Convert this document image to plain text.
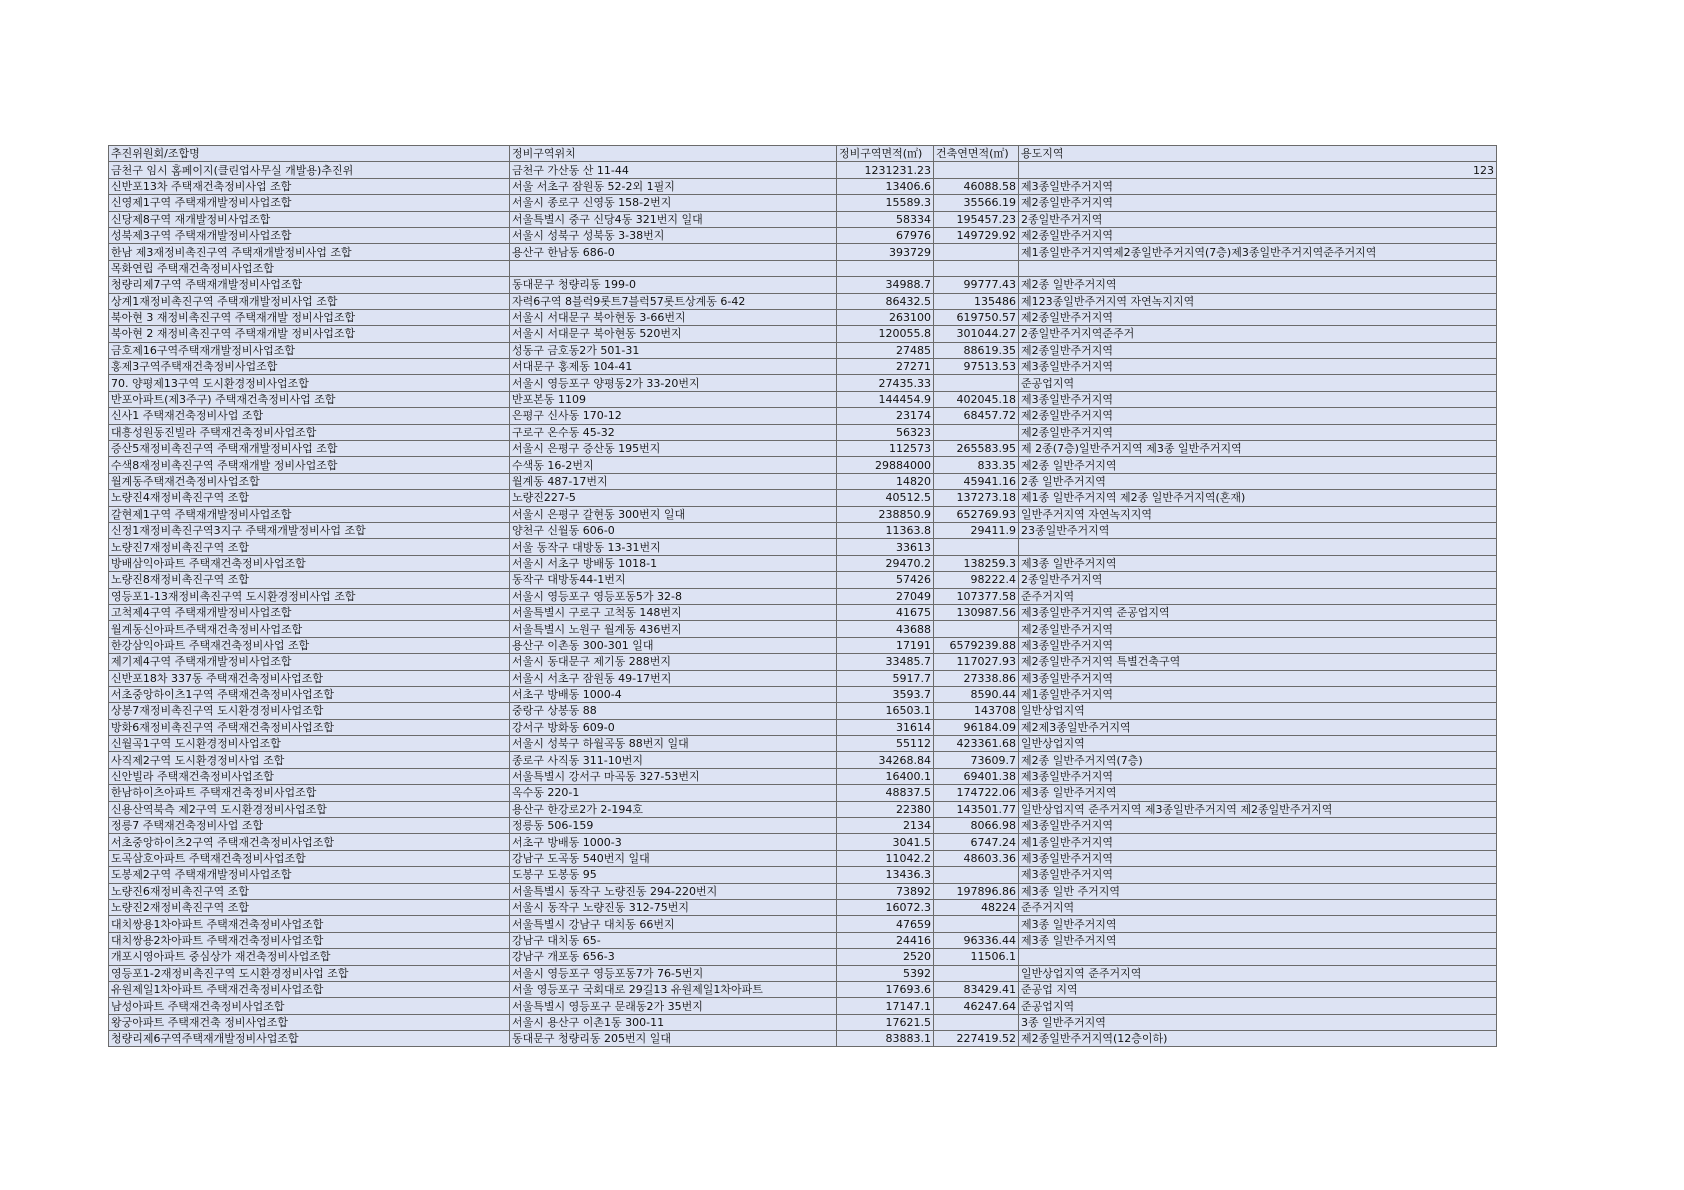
추진위원회/조합명	정비구역위치	정비구역면적(㎡)	건축연면적(㎡)	용도지역
금천구 임시 홈페이지(클린업사무실 개발용)추진위	금천구 가산동 산 11-44	1231231.23		123
신반포13차 주택재건축정비사업 조합	서울 서초구 잠원동 52-2외 1필지	13406.6	46088.58	제3종일반주거지역
신영제1구역 주택재개발정비사업조합	서울시 종로구 신영동 158-2번지	15589.3	35566.19	제2종일반주거지역
신당제8구역 재개발정비사업조합	서울특별시 중구 신당4동 321번지 일대	58334	195457.23	2종일반주거지역
성북제3구역 주택재개발정비사업조합	서울시 성북구 성북동 3-38번지	67976	149729.92	제2종일반주거지역
한남 제3재정비촉진구역 주택재개발정비사업 조합	용산구 한남동 686-0	393729		제1종일반주거지역제2종일반주거지역(7층)제3종일반주거지역준주거지역
목화연립 주택재건축정비사업조합				
청량리제7구역 주택재개발정비사업조합	동대문구 청량리동 199-0	34988.7	99777.43	제2종 일반주거지역
상계1재정비촉진구역 주택재개발정비사업 조합	자력6구역 8블럭9롯트7블럭57롯트상계동 6-42	86432.5	135486	제123종일반주거지역 자연녹지지역
북아현 3 재정비촉진구역 주택재개발 정비사업조합	서울시 서대문구 북아현동 3-66번지	263100	619750.57	제2종일반주거지역
북아현 2 재정비촉진구역 주택재개발 정비사업조합	서울시 서대문구 북아현동 520번지	120055.8	301044.27	2종일반주거지역준주거
금호제16구역주택재개발정비사업조합	성동구 금호동2가 501-31	27485	88619.35	제2종일반주거지역
홍제3구역주택재건축정비사업조합	서대문구 홍제동 104-41	27271	97513.53	제3종일반주거지역
70. 양평제13구역 도시환경정비사업조합	서울시 영등포구 양평동2가 33-20번지	27435.33		준공업지역
반포아파트(제3주구) 주택재건축정비사업 조합	반포본동 1109	144454.9	402045.18	제3종일반주거지역
신사1 주택재건축정비사업 조합	은평구 신사동 170-12	23174	68457.72	제2종일반주거지역
대흥성원동진빌라 주택재건축정비사업조합	구로구 온수동 45-32	56323		제2종일반주거지역
증산5재정비촉진구역 주택재개발정비사업 조합	서울시 은평구 증산동 195번지	112573	265583.95	제 2종(7층)일반주거지역 제3종 일반주거지역
수색8재정비촉진구역 주택재개발 정비사업조합	수색동 16-2번지	29884000	833.35	제2종 일반주거지역
월계동주택재건축정비사업조합	월계동 487-17번지	14820	45941.16	2종 일반주거지역
노량진4재정비촉진구역 조합	노량진227-5	40512.5	137273.18	제1종 일반주거지역 제2종 일반주거지역(혼재)
갈현제1구역 주택재개발정비사업조합	서울시 은평구 갈현동 300번지 일대	238850.9	652769.93	일반주거지역 자연녹지지역
신정1재정비촉진구역3지구 주택재개발정비사업 조합	양천구 신월동 606-0	11363.8	29411.9	23종일반주거지역
노량진7재정비촉진구역 조합	서울 동작구 대방동 13-31번지	33613		
방배삼익아파트 주택재건축정비사업조합	서울시 서초구 방배동 1018-1	29470.2	138259.3	제3종 일반주거지역
노량진8재정비촉진구역 조합	동작구 대방동44-1번지	57426	98222.4	2종일반주거지역
영등포1-13재정비촉진구역 도시환경정비사업 조합	서울시 영등포구 영등포동5가 32-8	27049	107377.58	준주거지역
고척제4구역 주택재개발정비사업조합	서울특별시 구로구 고척동 148번지	41675	130987.56	제3종일반주거지역 준공업지역
월계동신아파트주택재건축정비사업조합	서울특별시 노원구 월계동 436번지	43688		제2종일반주거지역
한강삼익아파트 주택재건축정비사업 조합	용산구 이촌동 300-301 일대	17191	6579239.88	제3종일반주거지역
제기제4구역 주택재개발정비사업조합	서울시 동대문구 제기동 288번지	33485.7	117027.93	제2종일반주거지역 특별건축구역
신반포18차 337동 주택재건축정비사업조합	서울시 서초구 잠원동 49-17번지	5917.7	27338.86	제3종일반주거지역
서초중앙하이츠1구역 주택재건축정비사업조합	서초구 방배동 1000-4	3593.7	8590.44	제1종일반주거지역
상봉7재정비촉진구역 도시환경정비사업조합	중랑구 상봉동 88	16503.1	143708	일반상업지역
방화6재정비촉진구역 주택재건축정비사업조합	강서구 방화동 609-0	31614	96184.09	제2제3종일반주거지역
신월곡1구역 도시환경정비사업조합	서울시 성북구 하월곡동 88번지 일대	55112	423361.68	일반상업지역
사직제2구역 도시환경정비사업 조합	종로구 사직동 311-10번지	34268.84	73609.7	제2종 일반주거지역(7층)
신안빌라 주택재건축정비사업조합	서울특별시 강서구 마곡동 327-53번지	16400.1	69401.38	제3종일반주거지역
한남하이츠아파트 주택재건축정비사업조합	옥수동 220-1	48837.5	174722.06	제3종 일반주거지역
신용산역북측 제2구역 도시환경정비사업조합	용산구 한강로2가 2-194호	22380	143501.77	일반상업지역 준주거지역 제3종일반주거지역 제2종일반주거지역
정릉7 주택재건축정비사업 조합	정릉동 506-159	2134	8066.98	제3종일반주거지역
서초중앙하이츠2구역 주택재건축정비사업조합	서초구 방배동 1000-3	3041.5	6747.24	제1종일반주거지역
도곡삼호아파트 주택재건축정비사업조합	강남구 도곡동 540번지 일대	11042.2	48603.36	제3종일반주거지역
도봉제2구역 주택재개발정비사업조합	도봉구 도봉동 95	13436.3		제3종일반주거지역
노량진6재정비촉진구역 조합	서울특별시 동작구 노량진동 294-220번지	73892	197896.86	제3종 일반 주거지역
노량진2재정비촉진구역 조합	서울시 동작구 노량진동 312-75번지	16072.3	48224	준주거지역
대치쌍용1차아파트 주택재건축정비사업조합	서울특별시 강남구 대치동 66번지	47659		제3종 일반주거지역
대치쌍용2차아파트 주택재건축정비사업조합	강남구 대치동 65-	24416	96336.44	제3종 일반주거지역
개포시영아파트 중심상가 재건축정비사업조합	강남구 개포동 656-3	2520	11506.1	
영등포1-2재정비촉진구역 도시환경정비사업 조합	서울시 영등포구 영등포동7가 76-5번지	5392		일반상업지역 준주거지역
유원제일1차아파트 주택재건축정비사업조합	서울 영등포구 국회대로 29길13 유원제일1차아파트	17693.6	83429.41	준공업 지역
남성아파트 주택재건축정비사업조합	서울특별시 영등포구 문래동2가 35번지	17147.1	46247.64	준공업지역
왕궁아파트 주택재건축 정비사업조합	서울시 용산구 이촌1동 300-11	17621.5		3종 일반주거지역
청량리제6구역주택재개발정비사업조합	동대문구 청량리동 205번지 일대	83883.1	227419.52	제2종일반주거지역(12층이하)
